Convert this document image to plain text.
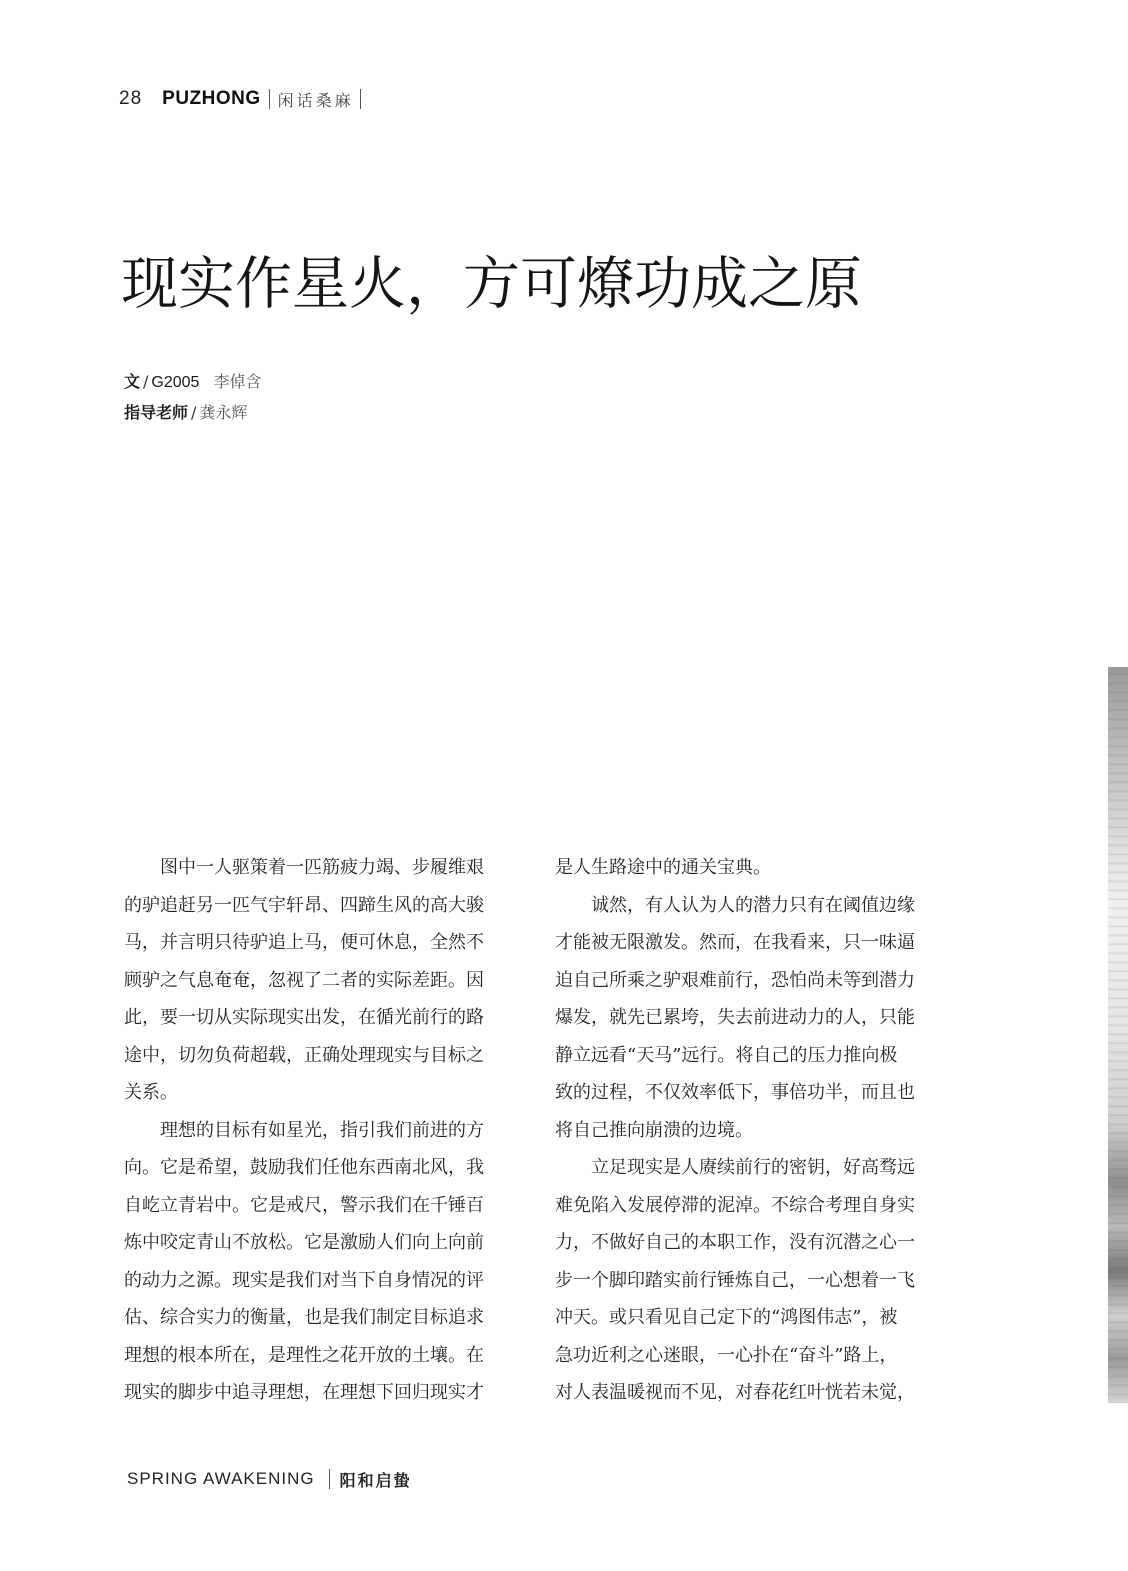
28 PUZHONG 闲话桑麻
现实作星火，方可燎功成之原
文 / G2005 李倬含
指导老师 / 龚永辉

图中一人驱策着一匹筋疲力竭、步履维艰

的驴追赶另一匹气宇轩昂、四蹄生风的高大骏
马，并言明只待驴追上马，便可休息，全然不
顾驴之气息奄奄，忽视了二者的实际差距。因
此，要一切从实际现实出发，在循光前行的路
途中，切勿负荷超载，正确处理现实与目标之
关系。

理想的目标有如星光，指引我们前进的方

向。它是希望，鼓励我们任他东西南北风，我
自屹立青岩中。它是戒尺，警示我们在千锤百
炼中咬定青山不放松。它是激励人们向上向前
的动力之源。现实是我们对当下自身情况的评
估、综合实力的衡量，也是我们制定目标追求
理想的根本所在，是理性之花开放的土壤。在
现实的脚步中追寻理想，在理想下回归现实才
是人生路途中的通关宝典。

诚然，有人认为人的潜力只有在阈值边缘

才能被无限激发。然而，在我看来，只一味逼
迫自己所乘之驴艰难前行，恐怕尚未等到潜力
爆发，就先已累垮，失去前进动力的人，只能
静立远看“天马”远行。将自己的压力推向极
致的过程，不仅效率低下，事倍功半，而且也
将自己推向崩溃的边境。

立足现实是人赓续前行的密钥，好高骛远

难免陷入发展停滞的泥淖。不综合考理自身实
力，不做好自己的本职工作，没有沉潜之心一
步一个脚印踏实前行锤炼自己，一心想着一飞
冲天。或只看见自己定下的“鸿图伟志”，被
急功近利之心迷眼，一心扑在“奋斗”路上，
对人表温暖视而不见，对春花红叶恍若未觉，
SPRING AWAKENING 阳和启蛰
